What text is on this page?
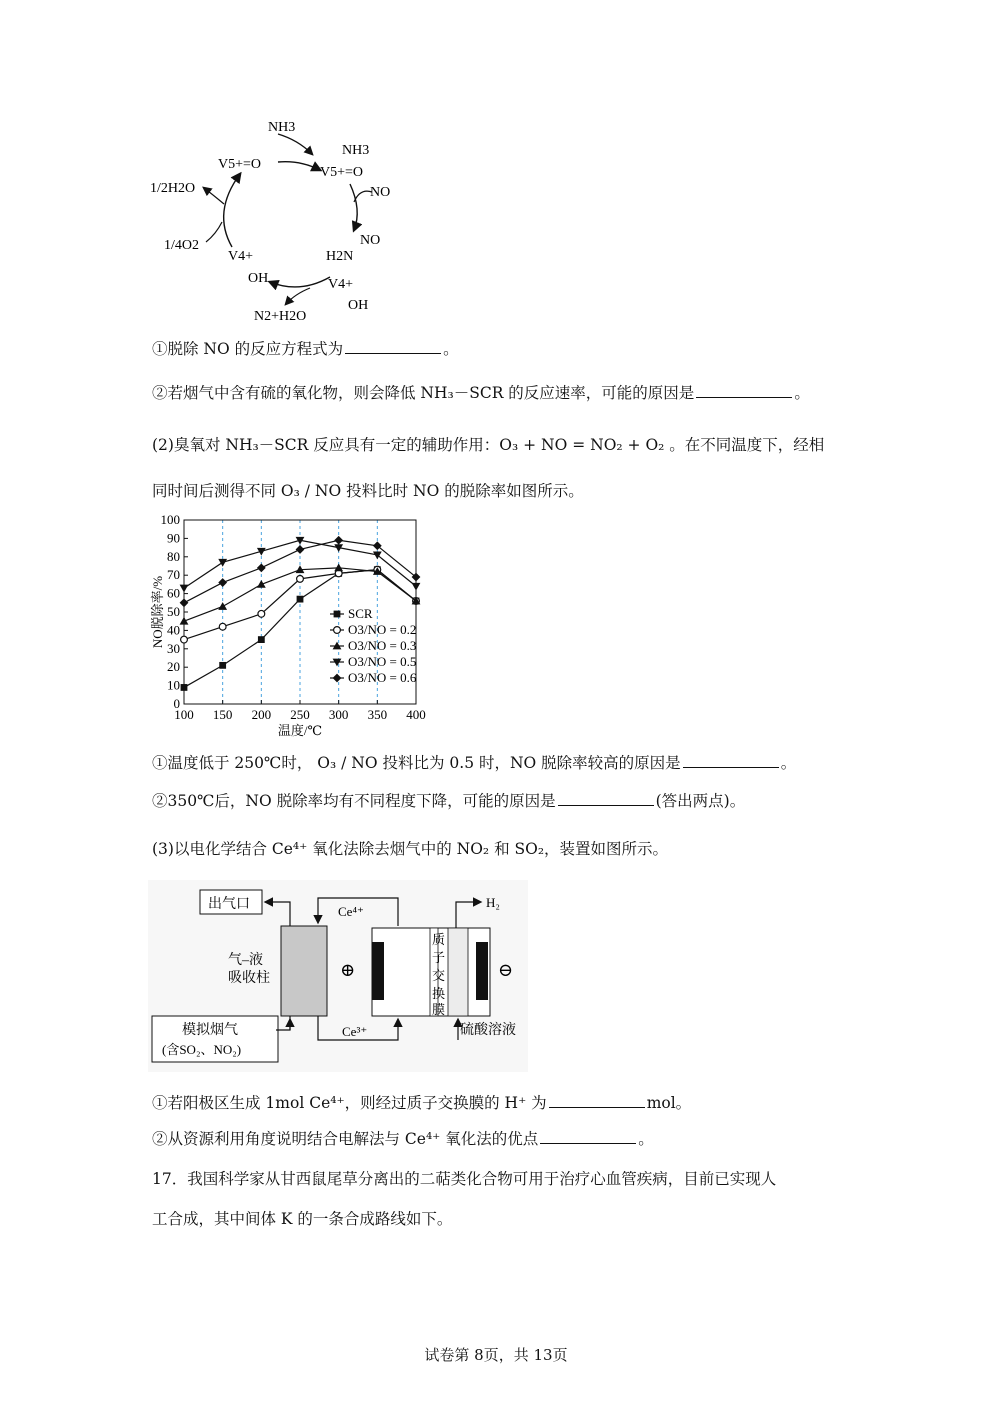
NH3
V5+=O
NH3
V5+=O
NO
1/2H2O
1/4O2
V4+
OH
H2N
NO
V4+
OH
N2+H2O
①脱除 NO 的反应方程式为	。
②若烟气中含有硫的氧化物，则会降低 NH₃－SCR 的反应速率，可能的原因是	。
(2)臭氧对 NH₃－SCR 反应具有一定的辅助作用：O₃ + NO = NO₂ + O₂ 。在不同温度下，经相
同时间后测得不同 O₃ / NO 投料比时 NO 的脱除率如图所示。
0
10
20
30
40
50
60
70
80
90
100
100 150 200 250 300 350 400
温度/℃
NO脱除率/%	SCR
O3/NO = 0.2
O3/NO = 0.3
O3/NO = 0.5
O3/NO = 0.6
①温度低于 250℃时， O₃ / NO 投料比为 0.5 时，NO 脱除率较高的原因是	。
②350℃后，NO 脱除率均有不同程度下降，可能的原因是	(答出两点)。
(3)以电化学结合 Ce⁴⁺ 氧化法除去烟气中的 NO₂ 和 SO₂，装置如图所示。
出气口
气–液
吸收柱
模拟烟气
(含SO₂、NO₂)
Ce⁴⁺
Ce³⁺
质
子
交
换
膜
⊕	⊖
H₂
硫酸溶液
①若阳极区生成 1mol Ce⁴⁺，则经过质子交换膜的 H⁺ 为	mol。
②从资源利用角度说明结合电解法与 Ce⁴⁺ 氧化法的优点	。
17．我国科学家从甘西鼠尾草分离出的二萜类化合物可用于治疗心血管疾病，目前已实现人
工合成，其中间体 K 的一条合成路线如下。
试卷第 8页，共 13页
